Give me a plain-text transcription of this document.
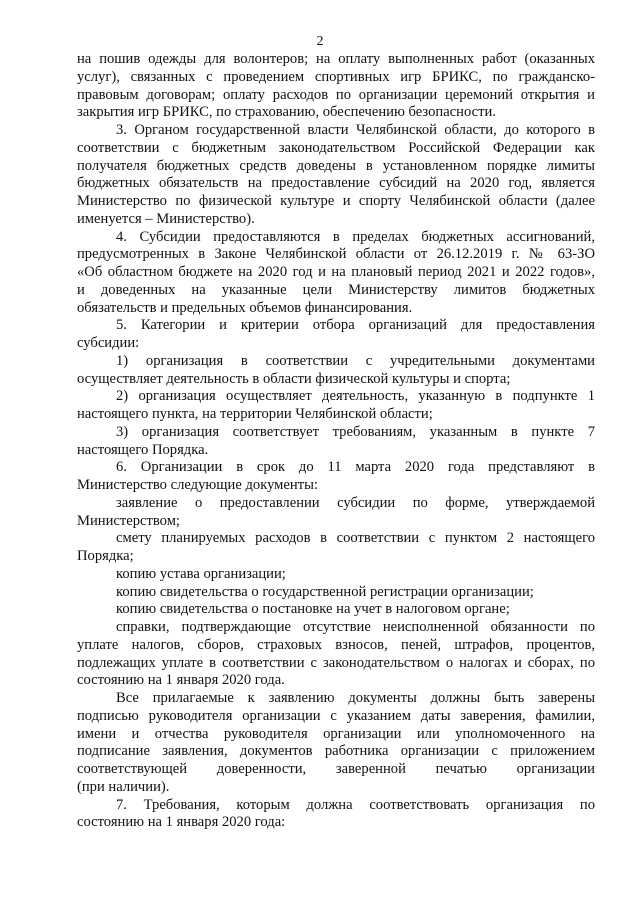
2
на пошив одежды для волонтеров; на оплату выполненных работ (оказанных
услуг), связанных с проведением спортивных игр БРИКС, по гражданско-
правовым договорам; оплату расходов по организации церемоний открытия и
закрытия игр БРИКС, по страхованию, обеспечению безопасности.
3. Органом государственной власти Челябинской области, до которого в
соответствии с бюджетным законодательством Российской Федерации как
получателя бюджетных средств доведены в установленном порядке лимиты
бюджетных обязательств на предоставление субсидий на 2020 год, является
Министерство по физической культуре и спорту Челябинской области (далее
именуется – Министерство).
4. Субсидии предоставляются в пределах бюджетных ассигнований,
предусмотренных в Законе Челябинской области от 26.12.2019 г. № 63-ЗО
«Об областном бюджете на 2020 год и на плановый период 2021 и 2022 годов»,
и доведенных на указанные цели Министерству лимитов бюджетных
обязательств и предельных объемов финансирования.
5. Категории и критерии отбора организаций для предоставления
субсидии:
1) организация в соответствии с учредительными документами
осуществляет деятельность в области физической культуры и спорта;
2) организация осуществляет деятельность, указанную в подпункте 1
настоящего пункта, на территории Челябинской области;
3) организация соответствует требованиям, указанным в пункте 7
настоящего Порядка.
6. Организации в срок до 11 марта 2020 года представляют в
Министерство следующие документы:
заявление о предоставлении субсидии по форме, утверждаемой
Министерством;
смету планируемых расходов в соответствии с пунктом 2 настоящего
Порядка;
копию устава организации;
копию свидетельства о государственной регистрации организации;
копию свидетельства о постановке на учет в налоговом органе;
справки, подтверждающие отсутствие неисполненной обязанности по
уплате налогов, сборов, страховых взносов, пеней, штрафов, процентов,
подлежащих уплате в соответствии с законодательством о налогах и сборах, по
состоянию на 1 января 2020 года.
Все прилагаемые к заявлению документы должны быть заверены
подписью руководителя организации с указанием даты заверения, фамилии,
имени и отчества руководителя организации или уполномоченного на
подписание заявления, документов работника организации с приложением
соответствующей доверенности, заверенной печатью организации
(при наличии).
7. Требования, которым должна соответствовать организация по
состоянию на 1 января 2020 года:
